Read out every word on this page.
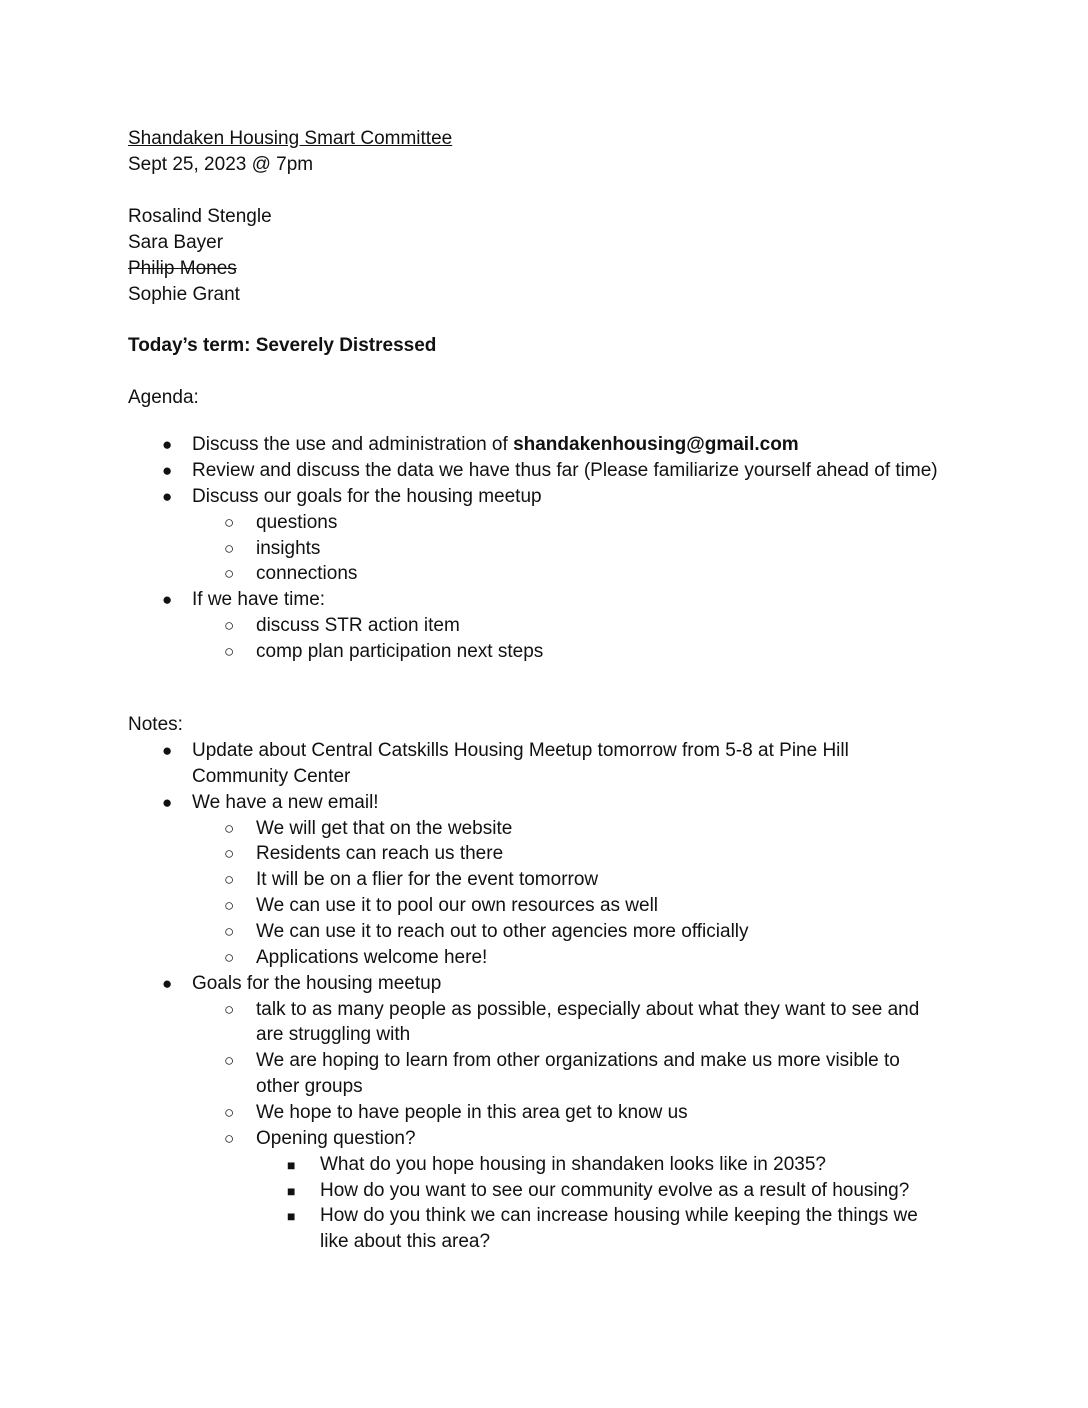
Shandaken Housing Smart Committee
Sept 25, 2023 @ 7pm
Rosalind Stengle
Sara Bayer
Philip Mones
Sophie Grant
Today’s term: Severely Distressed
Agenda:
● Discuss the use and administration of shandakenhousing@gmail.com
● Review and discuss the data we have thus far (Please familiarize yourself ahead of time)
● Discuss our goals for the housing meetup
○ questions
○ insights
○ connections
● If we have time:
○ discuss STR action item
○ comp plan participation next steps
Notes:
● Update about Central Catskills Housing Meetup tomorrow from 5-8 at Pine Hill
Community Center
● We have a new email!
○ We will get that on the website
○ Residents can reach us there
○ It will be on a flier for the event tomorrow
○ We can use it to pool our own resources as well
○ We can use it to reach out to other agencies more officially
○ Applications welcome here!
● Goals for the housing meetup
○ talk to as many people as possible, especially about what they want to see and
are struggling with
○ We are hoping to learn from other organizations and make us more visible to
other groups
○ We hope to have people in this area get to know us
○ Opening question?
■ What do you hope housing in shandaken looks like in 2035?
■ How do you want to see our community evolve as a result of housing?
■ How do you think we can increase housing while keeping the things we
like about this area?
